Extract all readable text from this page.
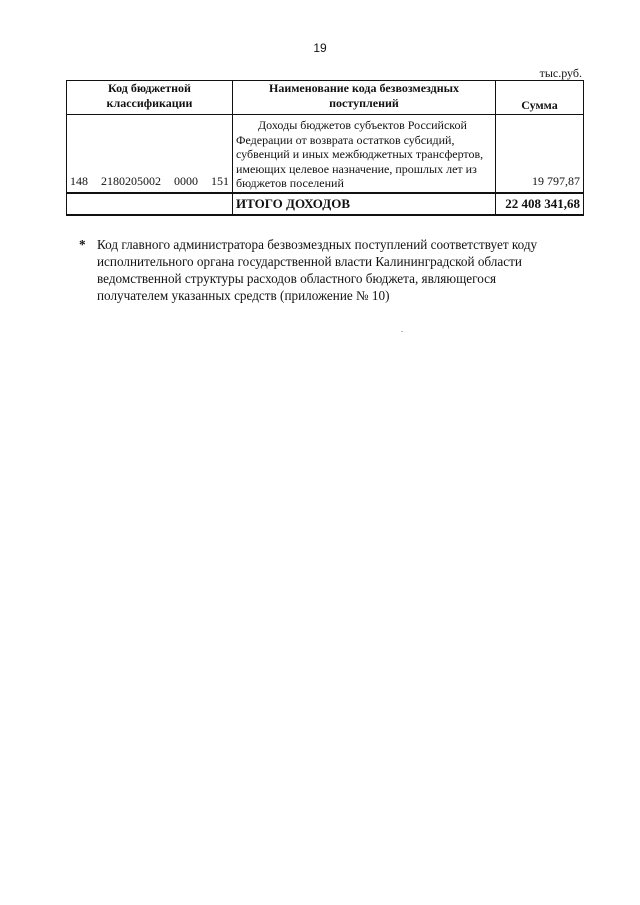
19
тыс.руб.
Код бюджетной классификации	Наименование кода безвозмездных поступлений	Сумма

148 2180205002 0000 151	Доходы бюджетов субъектов Российской Федерации от возврата остатков субсидий, субвенций и иных межбюджетных трансфертов, имеющих целевое назначение, прошлых лет из бюджетов поселений	19 797,87
	ИТОГО ДОХОДОВ	22 408 341,68
* Код главного администратора безвозмездных поступлений соответствует коду исполнительного органа государственной власти Калининградской области ведомственной структуры расходов областного бюджета, являющегося получателем указанных средств (приложение № 10)
